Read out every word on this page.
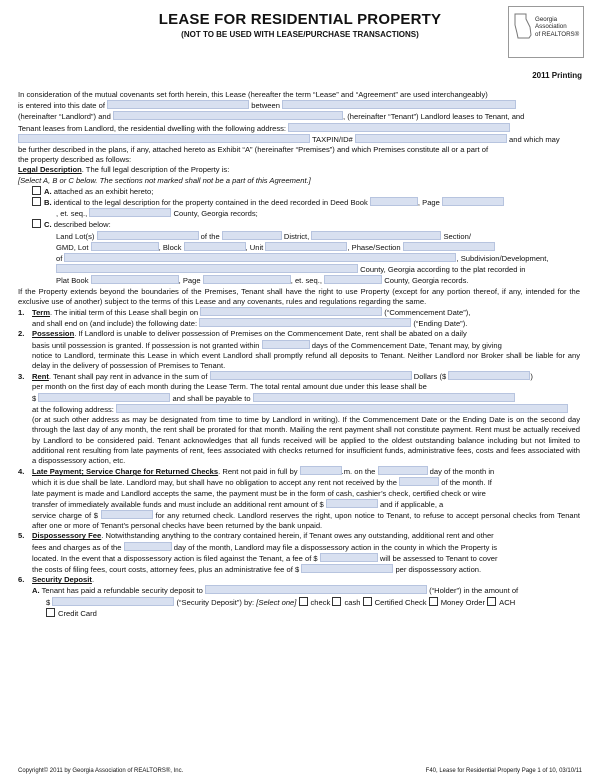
LEASE FOR RESIDENTIAL PROPERTY
(NOT TO BE USED WITH LEASE/PURCHASE TRANSACTIONS)
Georgia
Association
of REALTORS®
2011 Printing

In consideration of the mutual covenants set forth herein, this Lease (hereafter the term “Lease” and “Agreement” are used interchangeably)
is entered into this date of	between
(hereinafter “Landlord”) and	, (hereinafter “Tenant”) Landlord leases to Tenant, and
Tenant leases from Landlord, the residential dwelling with the following address:
TAXPIN/ID#	and which may
be further described in the plans, if any, attached hereto as Exhibit “A” (hereinafter “Premises”) and which Premises constitute all or a part of
the property described as follows:

Legal Description. The full legal description of the Property is:
[Select A, B or C below. The sections not marked shall not be a part of this Agreement.]

A. attached as an exhibit hereto;

B. identical to the legal description for the property contained in the deed recorded in Deed Book	, Page

, et. seq.,	County, Georgia records;

C. described below:

Land Lot(s)	of the	District,	Section/
GMD, Lot	, Block	, Unit	, Phase/Section
of	, Subdivision/Development,
County, Georgia according to the plat recorded in
Plat Book	, Page	, et. seq.,	County, Georgia records.

If the Property extends beyond the boundaries of the Premises, Tenant shall have the right to use Property (except for any portion thereof, if any, intended for the exclusive use of another) subject to the terms of this Lease and any covenants, rules and regulations regarding the same.

1. Term. The initial term of this Lease shall begin on	(“Commencement Date”),

and shall end on (and include) the following date:	(“Ending Date”).

2. Possession. If Landlord is unable to deliver possession of Premises on the Commencement Date, rent shall be abated on a daily
basis until possession is granted. If possession is not granted within	days of the Commencement Date, Tenant may, by giving

notice to Landlord, terminate this Lease in which event Landlord shall promptly refund all deposits to Tenant. Neither Landlord nor Broker shall be liable for any delay in the delivery of possession of Premises to Tenant.

3. Rent. Tenant shall pay rent in advance in the sum of	Dollars ($	)

per month on the first day of each month during the Lease Term. The total rental amount due under this lease shall be
$	and shall be payable to
at the following address:

(or at such other address as may be designated from time to time by Landlord in writing). If the Commencement Date or the Ending Date is on the second day through the last day of any month, the rent shall be prorated for that month. Mailing the rent payment shall not constitute payment. Rent must be actually received by Landlord to be considered paid. Tenant acknowledges that all funds received will be applied to the oldest outstanding balance including but not limited to additional rent resulting from late payments of rent, fees associated with checks returned for insufficient funds, administrative fees, costs and fees associated with a dispossessory action, etc.

4. Late Payment; Service Charge for Returned Checks. Rent not paid in full by	.m. on the	day of the month in

which it is due shall be late. Landlord may, but shall have no obligation to accept any rent not received by the	of the month. If
late payment is made and Landlord accepts the same, the payment must be in the form of cash, cashier’s check, certified check or wire
transfer of immediately available funds and must include an additional rent amount of $	and if applicable, a
service charge of $	for any returned check. Landlord reserves the right, upon notice to Tenant, to refuse to accept personal checks from Tenant after one or more of Tenant’s personal checks have been returned by the bank unpaid.

5. Dispossessory Fee. Notwithstanding anything to the contrary contained herein, if Tenant owes any outstanding, additional rent and other

fees and charges as of the	day of the month, Landlord may file a dispossessory action in the county in which the Property is
located. In the event that a dispossessory action is filed against the Tenant, a fee of $	will be assessed to Tenant to cover
the costs of filing fees, court costs, attorney fees, plus an administrative fee of $	per dispossessory action.

6. Security Deposit.

A. Tenant has paid a refundable security deposit to	(“Holder”) in the amount of

$	(“Security Deposit”) by: [Select one] check cash Certified Check Money Order ACH
Credit Card

Copyright© 2011 by Georgia Association of REALTORS®, Inc.	F40, Lease for Residential Property Page 1 of 10, 03/10/11
